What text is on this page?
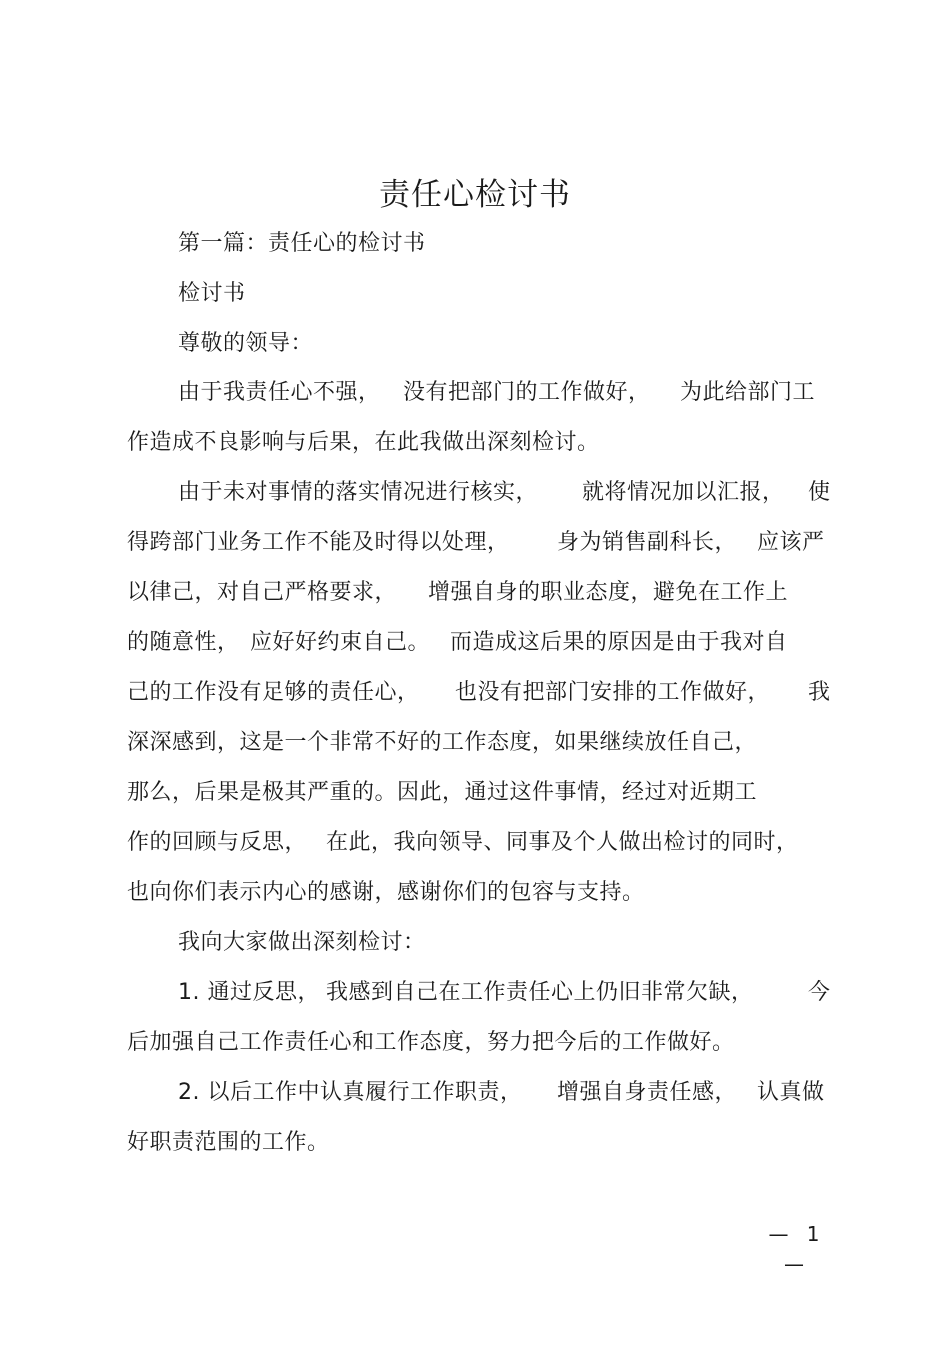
责任心检讨书
第一篇：责任心的检讨书
检讨书
尊敬的领导：
由于我责任心不强， 没有把部门的工作做好， 为此给部门工
作造成不良影响与后果，在此我做出深刻检讨。
由于未对事情的落实情况进行核实， 就将情况加以汇报， 使
得跨部门业务工作不能及时得以处理， 身为销售副科长， 应该严
以律己，对自己严格要求， 增强自身的职业态度，避免在工作上
的随意性， 应好好约束自己。 而造成这后果的原因是由于我对自
己的工作没有足够的责任心， 也没有把部门安排的工作做好， 我
深深感到，这是一个非常不好的工作态度，如果继续放任自己，
那么，后果是极其严重的。因此，通过这件事情，经过对近期工
作的回顾与反思， 在此，我向领导、同事及个人做出检讨的同时，
也向你们表示内心的感谢，感谢你们的包容与支持。
我向大家做出深刻检讨：
1. 通过反思， 我感到自己在工作责任心上仍旧非常欠缺， 今
后加强自己工作责任心和工作态度，努力把今后的工作做好。
2. 以后工作中认真履行工作职责， 增强自身责任感， 认真做
好职责范围的工作。
— 1 —
